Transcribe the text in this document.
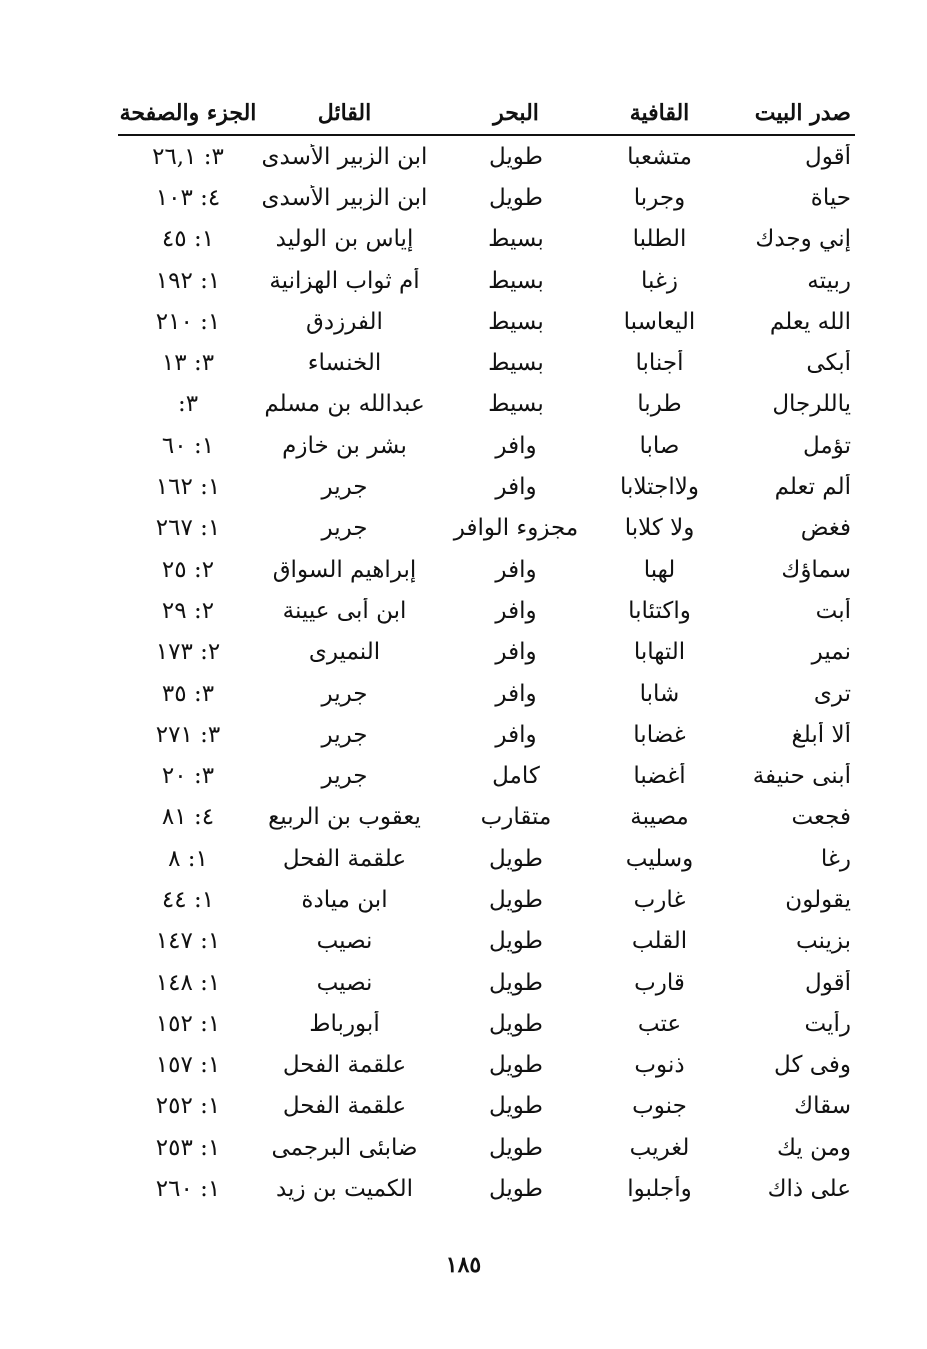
صدر البيت
القافية
البحر
القائل
الجزء والصفحة
أقول
متشعبا
طويل
ابن الزبير الأسدى
٣: ٢٦,١
حياة
وجربا
طويل
ابن الزبير الأسدى
٤: ١٠٣
إني وجدك
الطلبا
بسيط
إياس بن الوليد
١: ٤٥
ربيته
زغبا
بسيط
أم ثواب الهزانية
١: ١٩٢
الله يعلم
اليعاسبا
بسيط
الفرزدق
١: ٢١٠
أبكى
أجنابا
بسيط
الخنساء
٣: ١٣
ياللرجال
طربا
بسيط
عبدالله بن مسلم
٣:
تؤمل
صابا
وافر
بشر بن خازم
١: ٦٠
ألم تعلم
ولااجتلابا
وافر
جرير
١: ١٦٢
فغض
ولا كلابا
مجزوء الوافر
جرير
١: ٢٦٧
سماؤك
لهبا
وافر
إبراهيم السواق
٢: ٢٥
أبت
واكتئابا
وافر
ابن أبى عيينة
٢: ٢٩
نمير
التهابا
وافر
النميرى
٢: ١٧٣
ترى
شابا
وافر
جرير
٣: ٣٥
ألا أبلغ
غضابا
وافر
جرير
٣: ٢٧١
أبنى حنيفة
أغضبا
كامل
جرير
٣: ٢٠
فجعت
مصيبة
متقارب
يعقوب بن الربيع
٤: ٨١
رغا
وسليب
طويل
علقمة الفحل
١: ٨
يقولون
غارب
طويل
ابن ميادة
١: ٤٤
بزينب
القلب
طويل
نصيب
١: ١٤٧
أقول
قارب
طويل
نصيب
١: ١٤٨
رأيت
عتب
طويل
أبورباط
١: ١٥٢
وفى كل
ذنوب
طويل
علقمة الفحل
١: ١٥٧
سقاك
جنوب
طويل
علقمة الفحل
١: ٢٥٢
ومن يك
لغريب
طويل
ضابئى البرجمى
١: ٢٥٣
على ذاك
وأجلبوا
طويل
الكميت بن زيد
١: ٢٦٠
١٨٥
